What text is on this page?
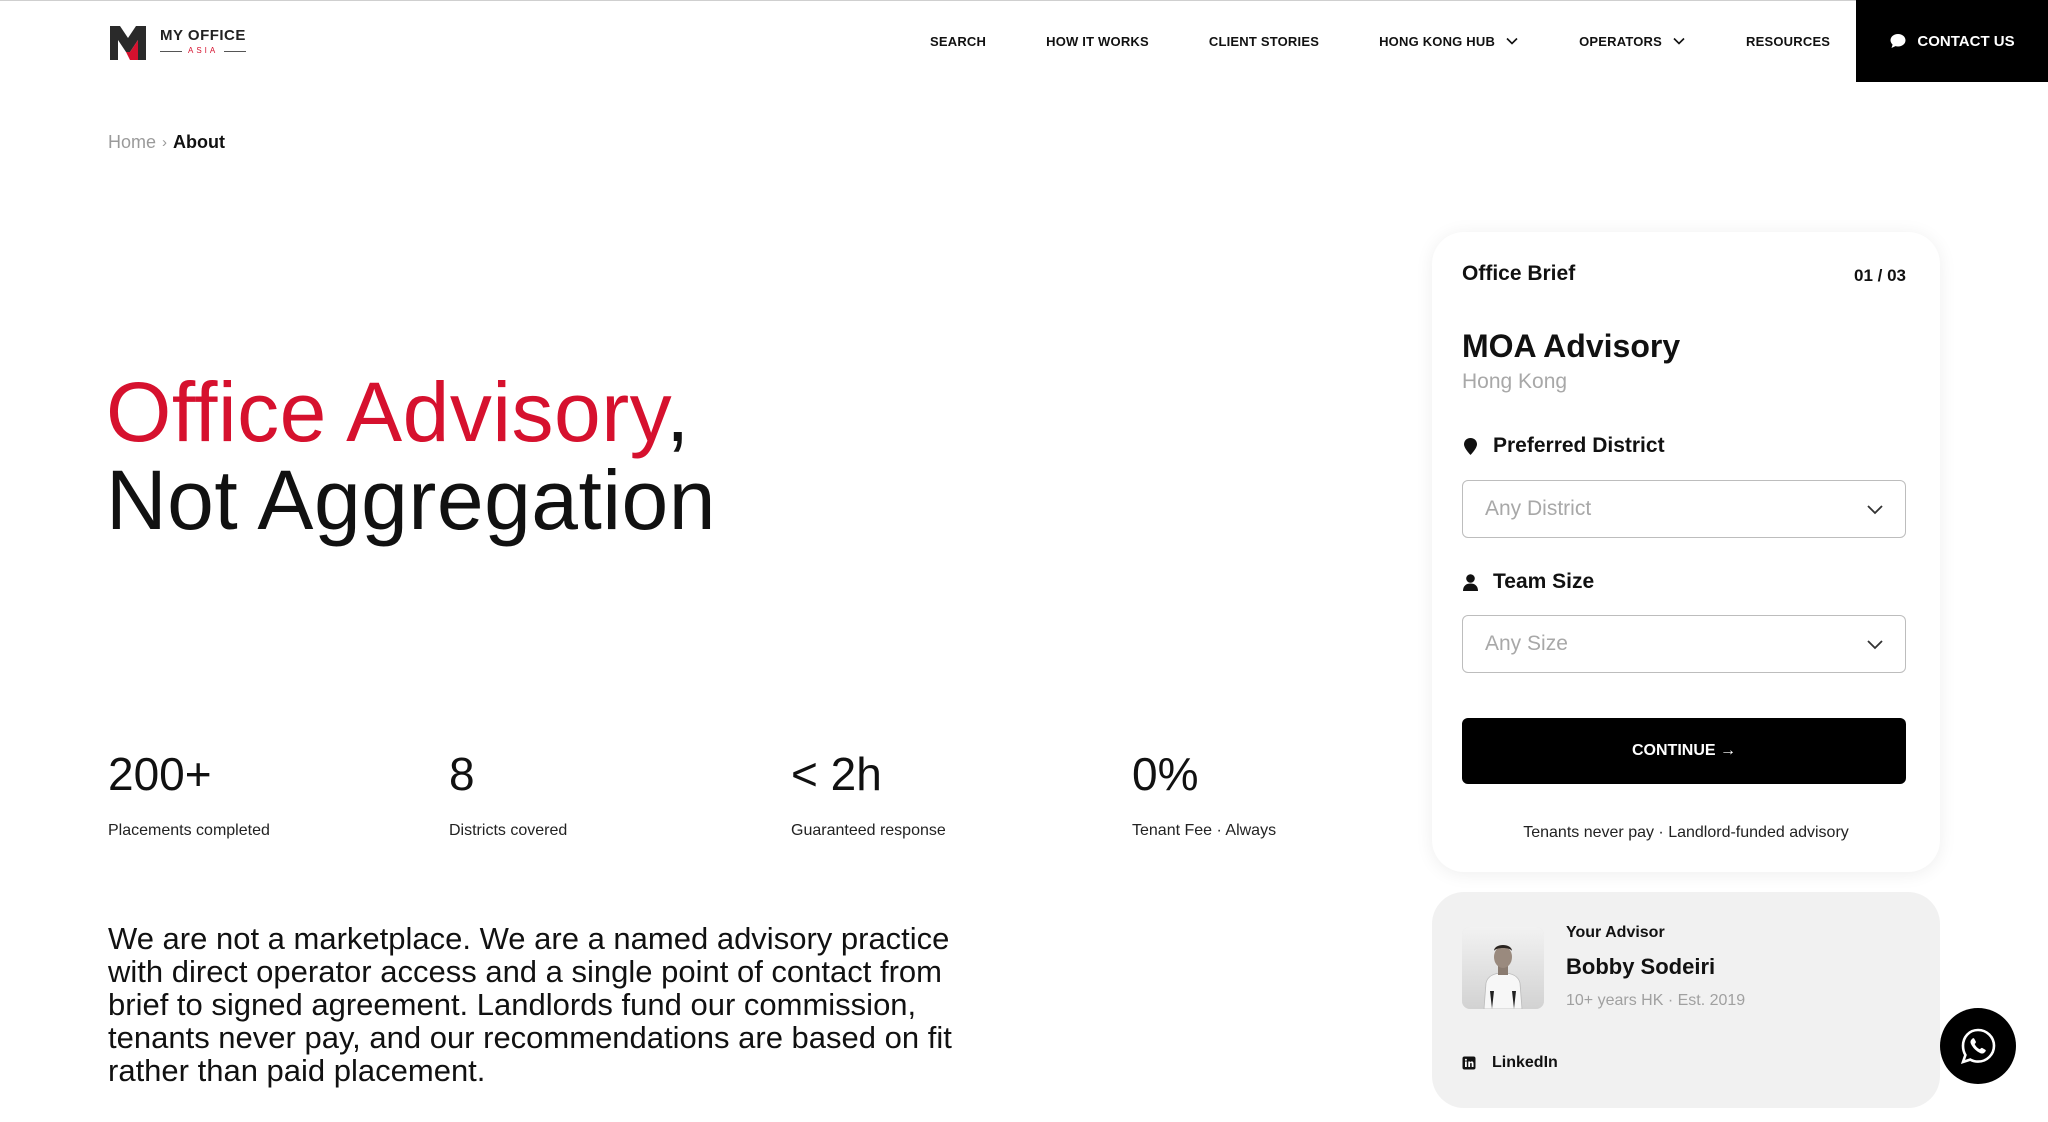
MY OFFICE
ASIA
SEARCH	HOW IT WORKS	CLIENT STORIES	HONG KONG HUB	OPERATORS	RESOURCES	CONTACT US
Home › About
Office Advisory,
Not Aggregation
200+
Placements completed
8
Districts covered
< 2h
Guaranteed response
0%
Tenant Fee · Always

We are not a marketplace. We are a named advisory practice with direct operator access and a single point of contact from brief to signed agreement. Landlords fund our commission, tenants never pay, and our recommendations are based on fit rather than paid placement.

Office Brief	01 / 03
MOA Advisory
Hong Kong
Preferred District
Any District
Team Size
Any Size
CONTINUE →
Tenants never pay · Landlord-funded advisory
Your Advisor
Bobby Sodeiri
10+ years HK · Est. 2019
LinkedIn
